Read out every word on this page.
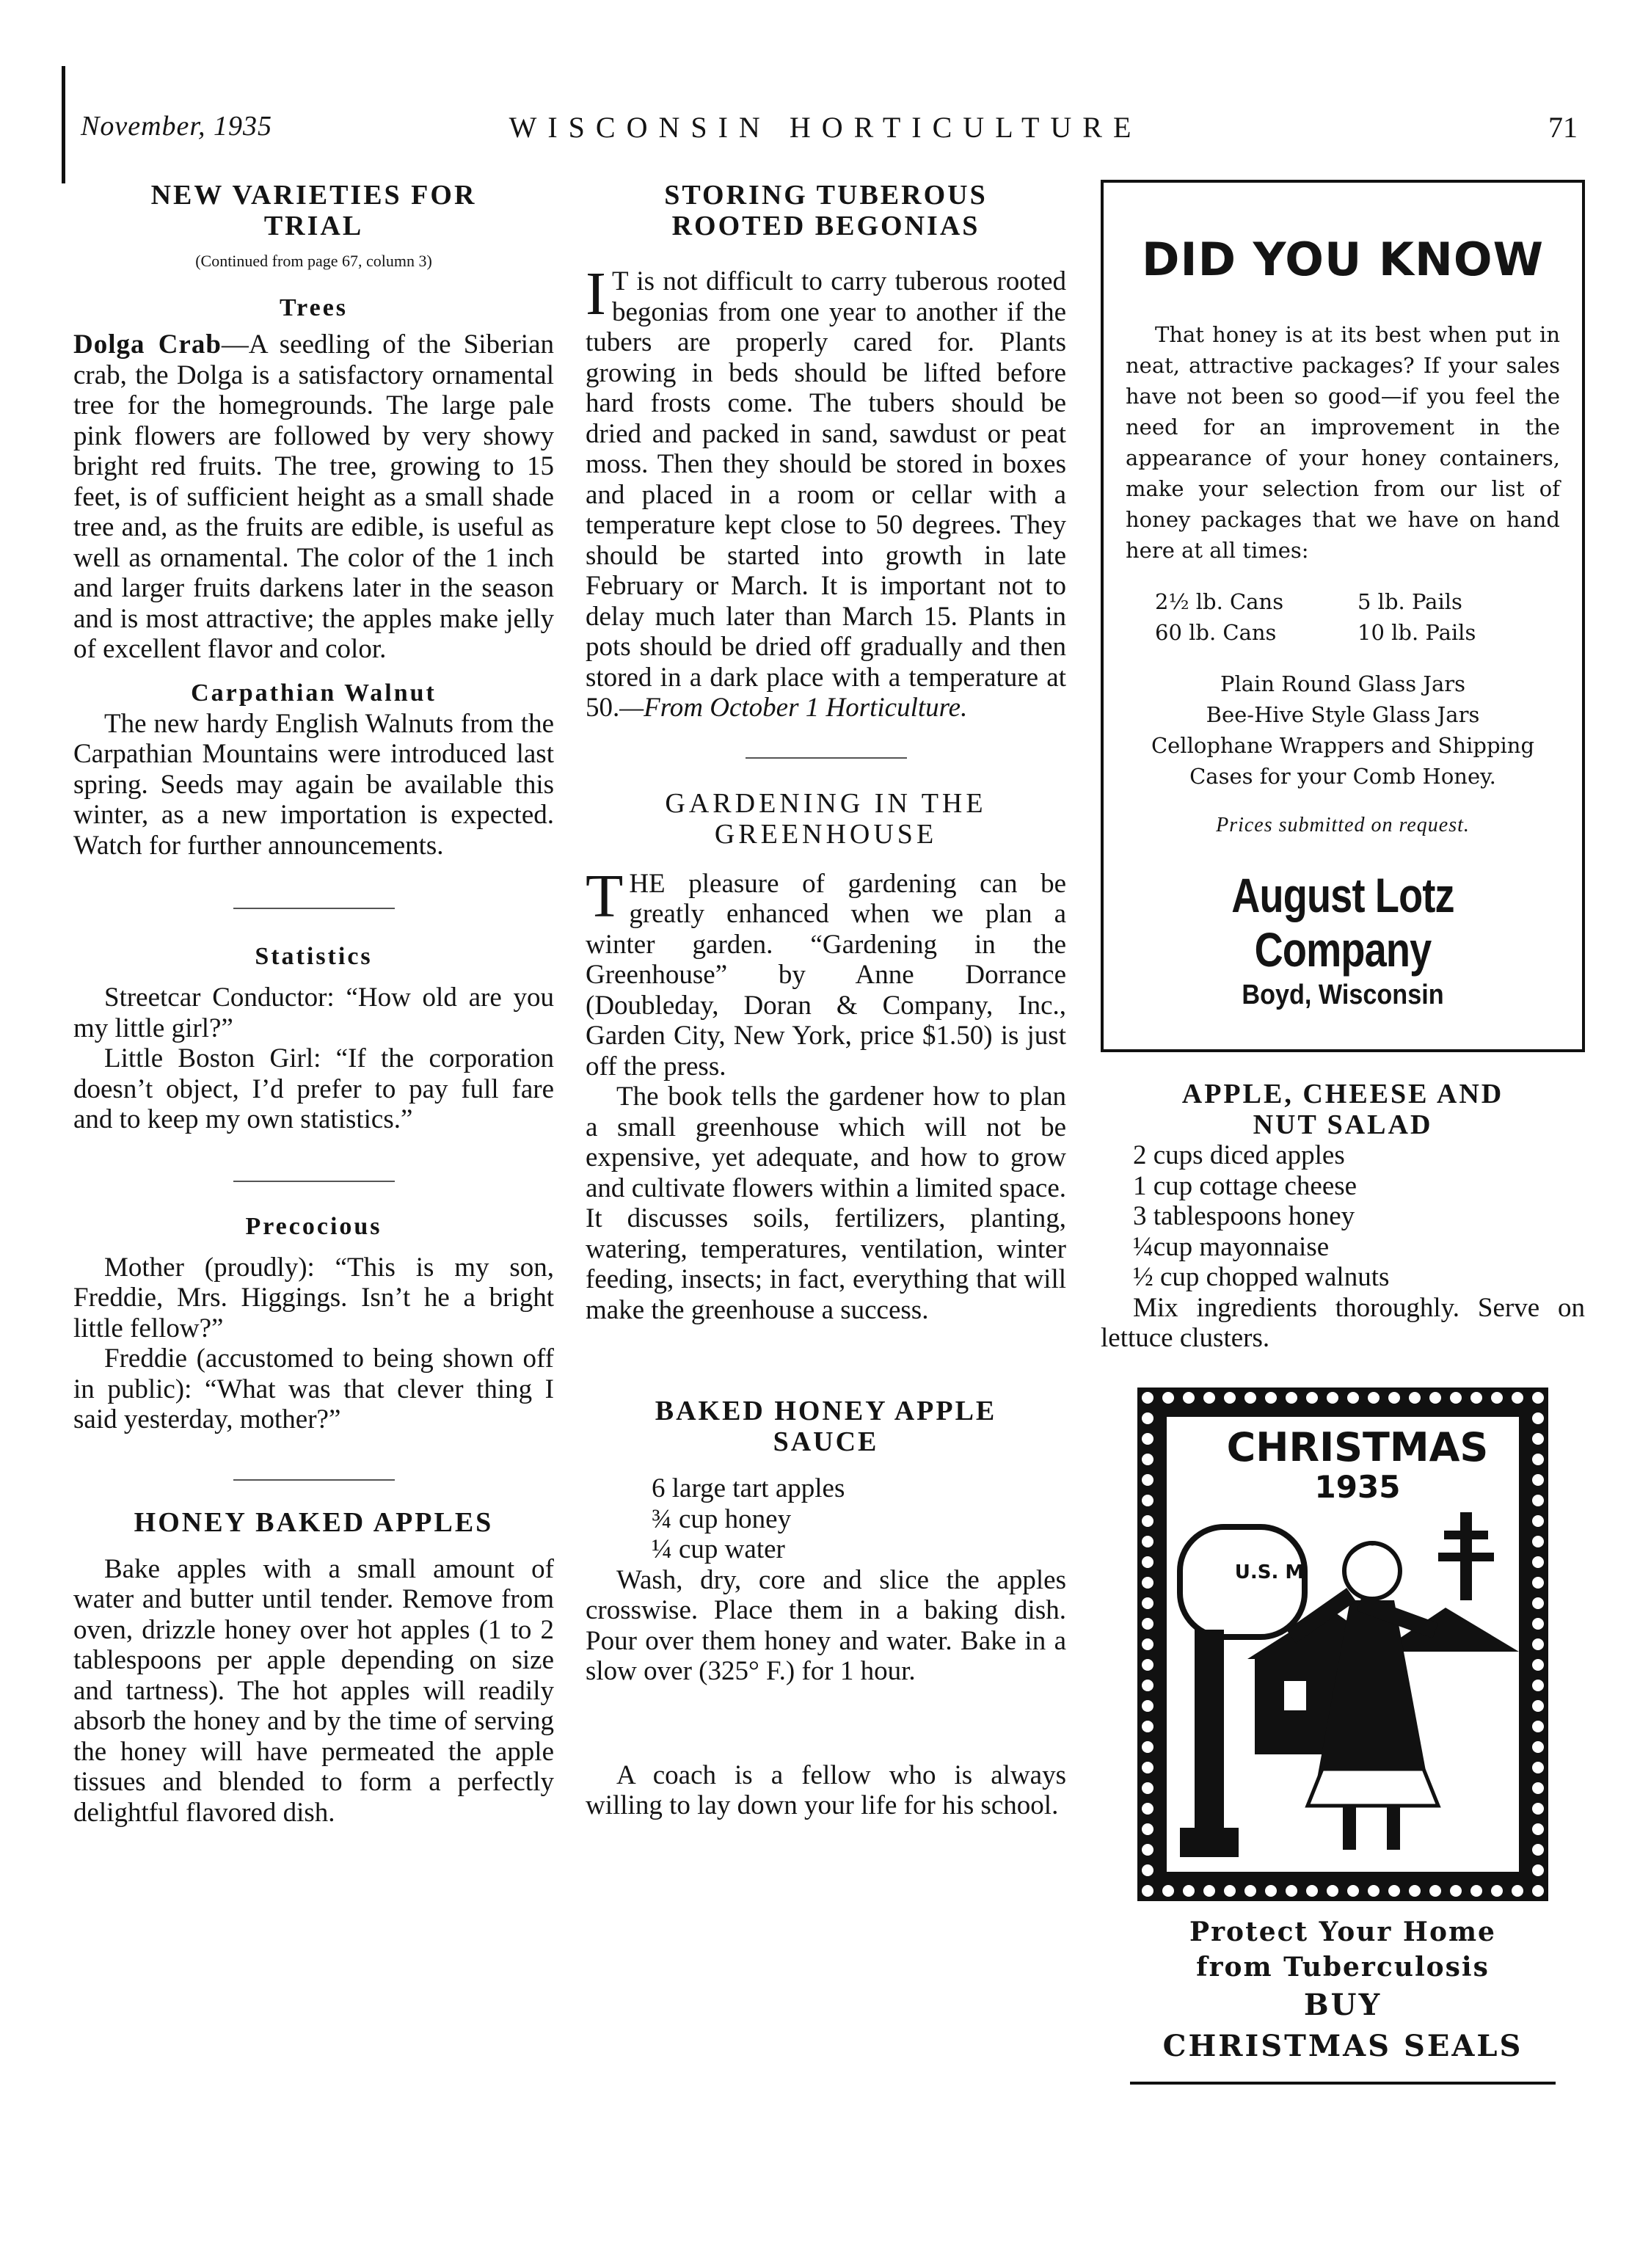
November, 1935	WISCONSIN HORTICULTURE	71
NEW VARIETIES FOR TRIAL

(Continued from page 67, column 3)

Trees

Dolga Crab—A seedling of the Siberian crab, the Dolga is a satisfactory ornamental tree for the homegrounds. The large pale pink flowers are followed by very showy bright red fruits. The tree, growing to 15 feet, is of sufficient height as a small shade tree and, as the fruits are edible, is useful as well as ornamental. The color of the 1 inch and larger fruits darkens later in the season and is most attractive; the apples make jelly of excellent flavor and color.

Carpathian Walnut

The new hardy English Walnuts from the Carpathian Mountains were introduced last spring. Seeds may again be available this winter, as a new importation is expected. Watch for further announcements.

Statistics

Streetcar Conductor: “How old are you my little girl?”

Little Boston Girl: “If the corporation doesn’t object, I’d prefer to pay full fare and to keep my own statistics.”

Precocious

Mother (proudly): “This is my son, Freddie, Mrs. Higgings. Isn’t he a bright little fellow?”

Freddie (accustomed to being shown off in public): “What was that clever thing I said yesterday, mother?”

HONEY BAKED APPLES

Bake apples with a small amount of water and butter until tender. Remove from oven, drizzle honey over hot apples (1 to 2 tablespoons per apple depending on size and tartness). The hot apples will readily absorb the honey and by the time of serving the honey will have permeated the apple tissues and blended to form a perfectly delightful flavored dish.

STORING TUBEROUS
ROOTED BEGONIAS

I T is not difficult to carry tuberous rooted begonias from one year to another if the tubers are properly cared for. Plants growing in beds should be lifted before hard frosts come. The tubers should be dried and packed in sand, sawdust or peat moss. Then they should be stored in boxes and placed in a room or cellar with a temperature kept close to 50 degrees. They should be started into growth in late February or March. It is important not to delay much later than March 15. Plants in pots should be dried off gradually and then stored in a dark place with a temperature at 50.—From October 1 Horticulture.

GARDENING IN THE
GREENHOUSE

THE pleasure of gardening can be greatly enhanced when we plan a winter garden. “Gardening in the Greenhouse” by Anne Dorrance (Doubleday, Doran & Company, Inc., Garden City, New York, price $1.50) is just off the press.

The book tells the gardener how to plan a small greenhouse which will not be expensive, yet adequate, and how to grow and cultivate flowers within a limited space. It discusses soils, fertilizers, planting, watering, temperatures, ventilation, winter feeding, insects; in fact, everything that will make the greenhouse a success.

BAKED HONEY APPLE
SAUCE
6 large tart apples
¾ cup honey
¼ cup water

Wash, dry, core and slice the apples crosswise. Place them in a baking dish. Pour over them honey and water. Bake in a slow over (325° F.) for 1 hour.

A coach is a fellow who is always willing to lay down your life for his school.

DID YOU KNOW

That honey is at its best when put in neat, attractive packages? If your sales have not been so good—if you feel the need for an improvement in the appearance of your honey containers, make your selection from our list of honey packages that we have on hand here at all times:

2½ lb. Cans	5 lb. Pails
60 lb. Cans	10 lb. Pails
Plain Round Glass Jars
Bee-Hive Style Glass Jars
Cellophane Wrappers and Shipping Cases for your Comb Honey.

Prices submitted on request.

August Lotz Company
Boyd, Wisconsin
APPLE, CHEESE AND
NUT SALAD
2 cups diced apples
1 cup cottage cheese
3 tablespoons honey
¼cup mayonnaise
½ cup chopped walnuts

Mix ingredients thoroughly. Serve on lettuce clusters.

CHRISTMAS
1935
U.S. M
Protect Your Home
from Tuberculosis
BUY
CHRISTMAS SEALS
